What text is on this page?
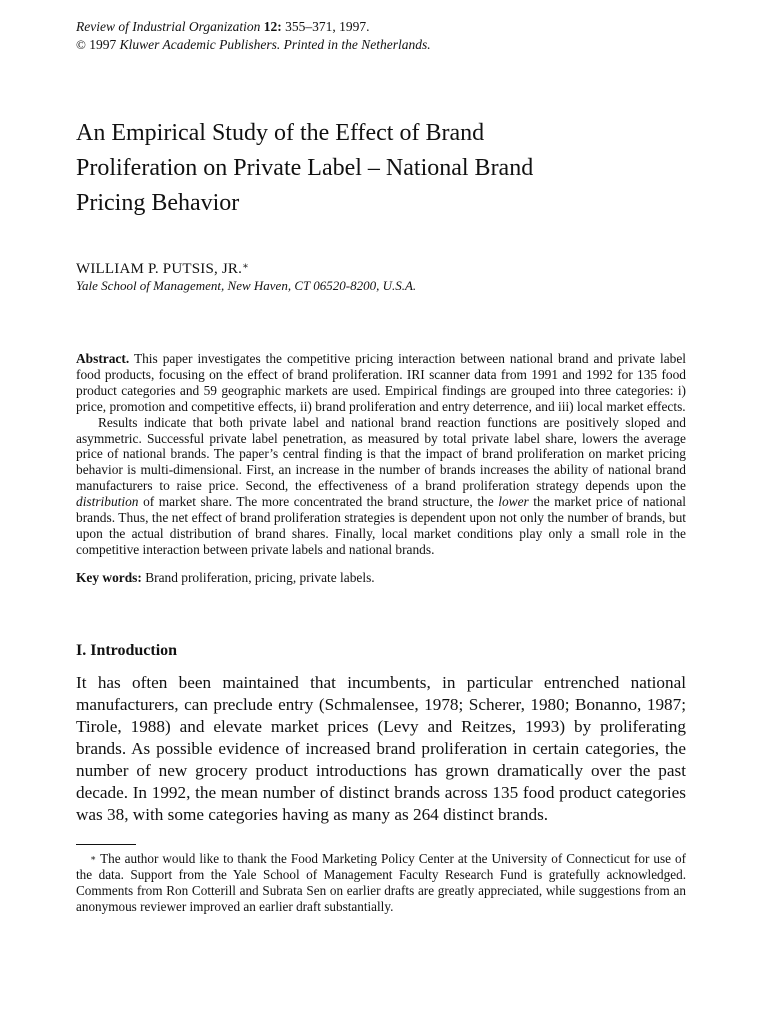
Review of Industrial Organization 12: 355–371, 1997.
© 1997 Kluwer Academic Publishers. Printed in the Netherlands.
An Empirical Study of the Effect of Brand
Proliferation on Private Label – National Brand
Pricing Behavior
WILLIAM P. PUTSIS, JR.∗
Yale School of Management, New Haven, CT 06520-8200, U.S.A.

Abstract. This paper investigates the competitive pricing interaction between national brand and private label food products, focusing on the effect of brand proliferation. IRI scanner data from 1991 and 1992 for 135 food product categories and 59 geographic markets are used. Empirical findings are grouped into three categories: i) price, promotion and competitive effects, ii) brand proliferation and entry deterrence, and iii) local market effects.

Results indicate that both private label and national brand reaction functions are positively sloped and asymmetric. Successful private label penetration, as measured by total private label share, lowers the average price of national brands. The paper’s central finding is that the impact of brand proliferation on market pricing behavior is multi-dimensional. First, an increase in the number of brands increases the ability of national brand manufacturers to raise price. Second, the effectiveness of a brand proliferation strategy depends upon the distribution of market share. The more concentrated the brand structure, the lower the market price of national brands. Thus, the net effect of brand proliferation strategies is dependent upon not only the number of brands, but upon the actual distribution of brand shares. Finally, local market conditions play only a small role in the competitive interaction between private labels and national brands.

Key words: Brand proliferation, pricing, private labels.
I. Introduction
It has often been maintained that incumbents, in particular entrenched national manufacturers, can preclude entry (Schmalensee, 1978; Scherer, 1980; Bonanno, 1987; Tirole, 1988) and elevate market prices (Levy and Reitzes, 1993) by proliferating brands. As possible evidence of increased brand proliferation in certain categories, the number of new grocery product introductions has grown dramatically over the past decade. In 1992, the mean number of distinct brands across 135 food product categories was 38, with some categories having as many as 264 distinct brands.
∗ The author would like to thank the Food Marketing Policy Center at the University of Connecticut for use of the data. Support from the Yale School of Management Faculty Research Fund is gratefully acknowledged. Comments from Ron Cotterill and Subrata Sen on earlier drafts are greatly appreciated, while suggestions from an anonymous reviewer improved an earlier draft substantially.
